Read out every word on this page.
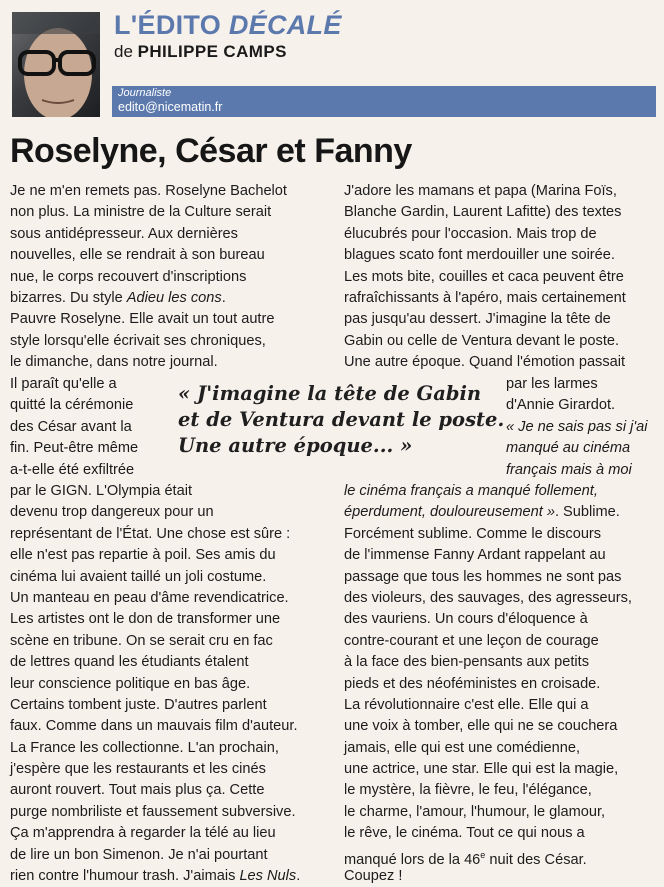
L'ÉDITO DÉCALÉ
de PHILIPPE CAMPS
Journaliste
edito@nicematin.fr
Roselyne, César et Fanny
Je ne m'en remets pas. Roselyne Bachelot
non plus. La ministre de la Culture serait
sous antidépresseur. Aux dernières
nouvelles, elle se rendrait à son bureau
nue, le corps recouvert d'inscriptions
bizarres. Du style Adieu les cons.
Pauvre Roselyne. Elle avait un tout autre
style lorsqu'elle écrivait ses chroniques,
le dimanche, dans notre journal.
Il paraît qu'elle a
quitté la cérémonie
des César avant la
fin. Peut-être même
a-t-elle été exfiltrée
par le GIGN. L'Olympia était
devenu trop dangereux pour un
représentant de l'État. Une chose est sûre :
elle n'est pas repartie à poil. Ses amis du
cinéma lui avaient taillé un joli costume.
Un manteau en peau d'âme revendicatrice.
Les artistes ont le don de transformer une
scène en tribune. On se serait cru en fac
de lettres quand les étudiants étalent
leur conscience politique en bas âge.
Certains tombent juste. D'autres parlent
faux. Comme dans un mauvais film d'auteur.
La France les collectionne. L'an prochain,
j'espère que les restaurants et les cinés
auront rouvert. Tout mais plus ça. Cette
purge nombriliste et faussement subversive.
Ça m'apprendra à regarder la télé au lieu
de lire un bon Simenon. Je n'ai pourtant
rien contre l'humour trash. J'aimais Les Nuls.
« J'imagine la tête de Gabin
et de Ventura devant le poste.
Une autre époque... »
J'adore les mamans et papa (Marina Foïs,
Blanche Gardin, Laurent Lafitte) des textes
élucubrés pour l'occasion. Mais trop de
blagues scato font merdouiller une soirée.
Les mots bite, couilles et caca peuvent être
rafraîchissants à l'apéro, mais certainement
pas jusqu'au dessert. J'imagine la tête de
Gabin ou celle de Ventura devant le poste.
Une autre époque. Quand l'émotion passait
par les larmes
d'Annie Girardot.
« Je ne sais pas si j'ai
manqué au cinéma
français mais à moi
le cinéma français a manqué follement,
éperdument, douloureusement ». Sublime.
Forcément sublime. Comme le discours
de l'immense Fanny Ardant rappelant au
passage que tous les hommes ne sont pas
des violeurs, des sauvages, des agresseurs,
des vauriens. Un cours d'éloquence à
contre-courant et une leçon de courage
à la face des bien-pensants aux petits
pieds et des néoféministes en croisade.
La révolutionnaire c'est elle. Elle qui a
une voix à tomber, elle qui ne se couchera
jamais, elle qui est une comédienne,
une actrice, une star. Elle qui est la magie,
le mystère, la fièvre, le feu, l'élégance,
le charme, l'amour, l'humour, le glamour,
le rêve, le cinéma. Tout ce qui nous a
manqué lors de la 46e nuit des César.
Coupez !
